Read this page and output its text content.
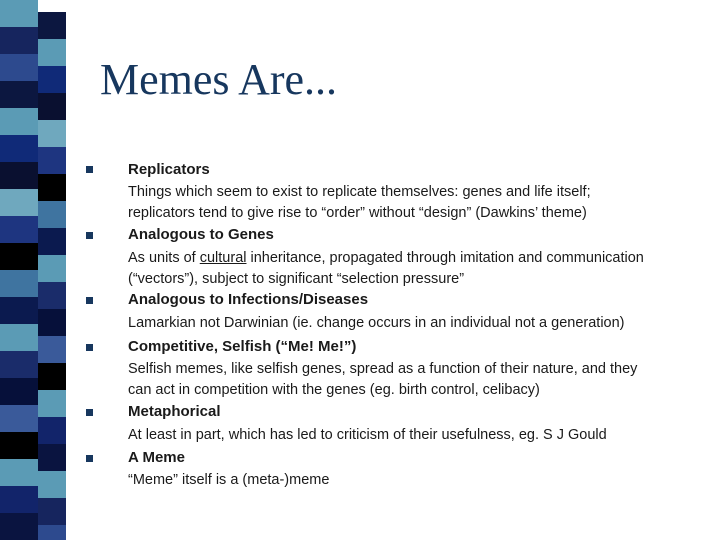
Memes Are...
Replicators
Things which seem to exist to replicate themselves: genes and life itself;
replicators tend to give rise to “order” without “design” (Dawkins’ theme)
Analogous to Genes
As units of cultural inheritance, propagated through imitation and communication
(“vectors”), subject to significant “selection pressure”
Analogous to Infections/Diseases
Lamarkian not Darwinian (ie. change occurs in an individual not a generation)
Competitive, Selfish (“Me! Me!”)
Selfish memes, like selfish genes, spread as a function of their nature, and they
can act in competition with the genes (eg. birth control, celibacy)
Metaphorical
At least in part, which has led to criticism of their usefulness, eg. S J Gould
A Meme
“Meme” itself is a (meta-)meme
